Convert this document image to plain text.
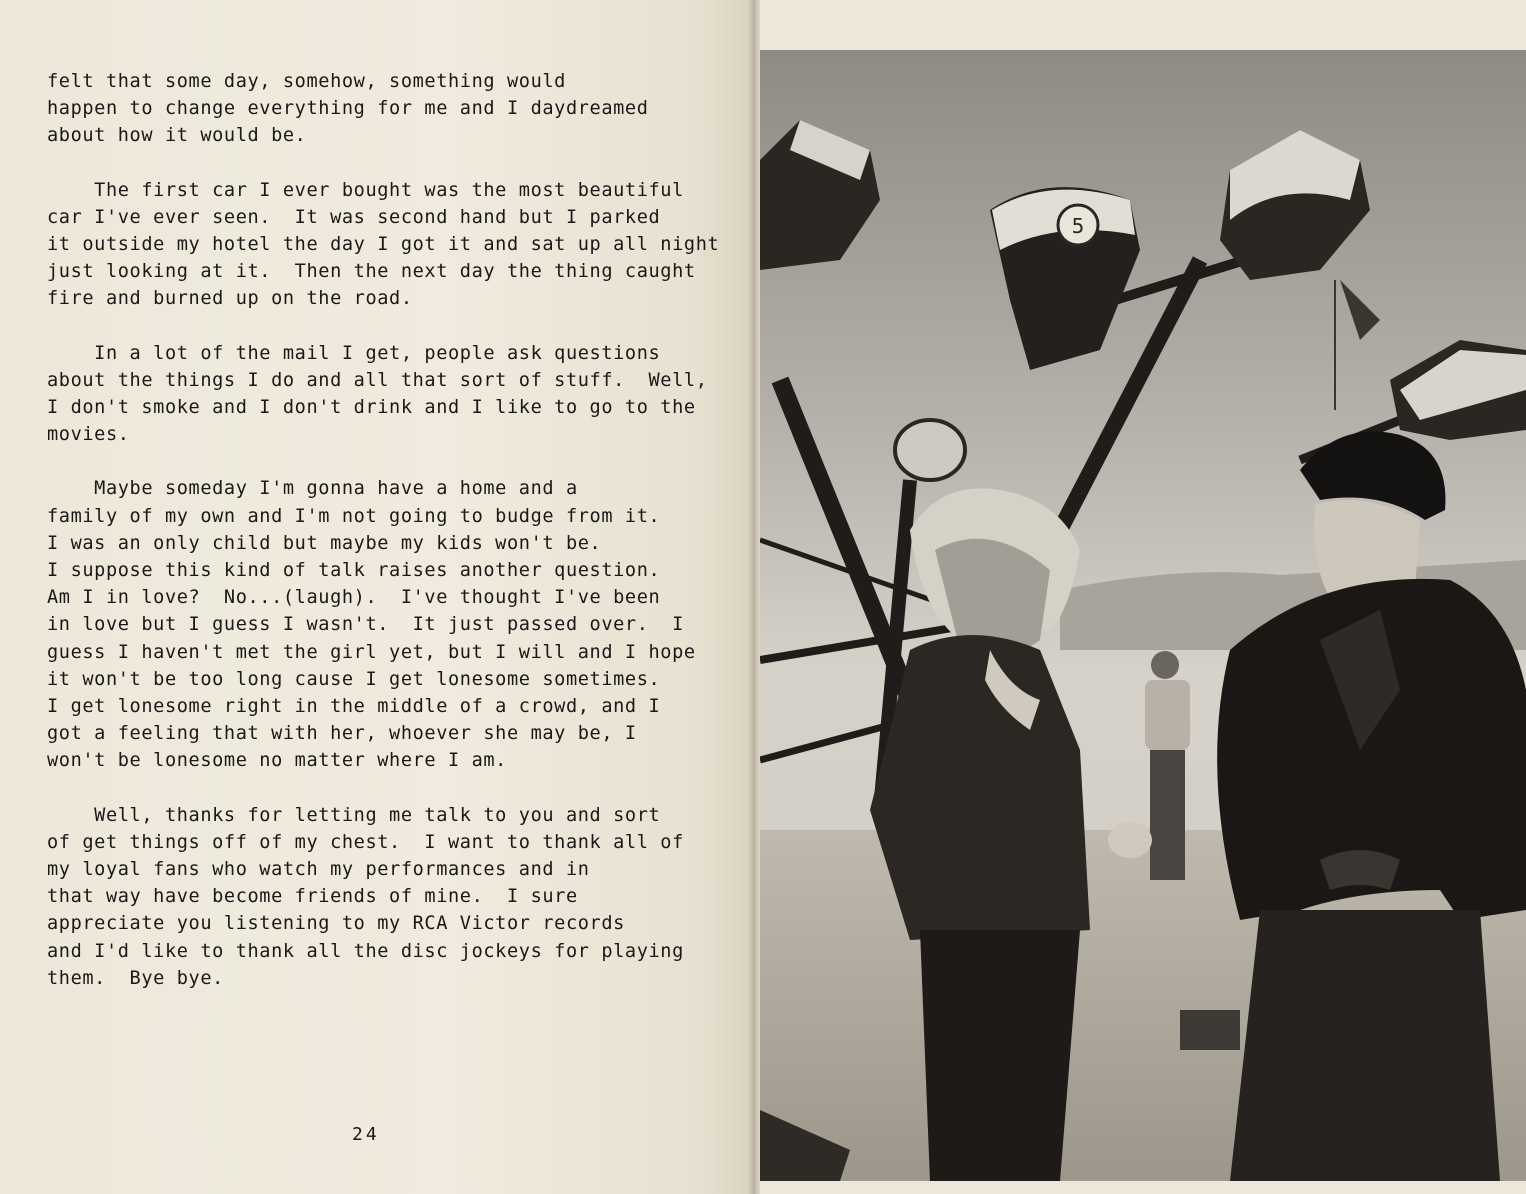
felt that some day, somehow, something would
happen to change everything for me and I daydreamed
about how it would be.

The first car I ever bought was the most beautiful
car I've ever seen.  It was second hand but I parked
it outside my hotel the day I got it and sat up all night
just looking at it.  Then the next day the thing caught
fire and burned up on the road.

In a lot of the mail I get, people ask questions
about the things I do and all that sort of stuff.  Well,
I don't smoke and I don't drink and I like to go to the
movies.

Maybe someday I'm gonna have a home and a
family of my own and I'm not going to budge from it.
I was an only child but maybe my kids won't be.
I suppose this kind of talk raises another question.
Am I in love?  No...(laugh).  I've thought I've been
in love but I guess I wasn't.  It just passed over.  I
guess I haven't met the girl yet, but I will and I hope
it won't be too long cause I get lonesome sometimes.
I get lonesome right in the middle of a crowd, and I
got a feeling that with her, whoever she may be, I
won't be lonesome no matter where I am.

Well, thanks for letting me talk to you and sort
of get things off of my chest.  I want to thank all of
my loyal fans who watch my performances and in
that way have become friends of mine.  I sure
appreciate you listening to my RCA Victor records
and I'd like to thank all the disc jockeys for playing
them.  Bye bye.

24
5
